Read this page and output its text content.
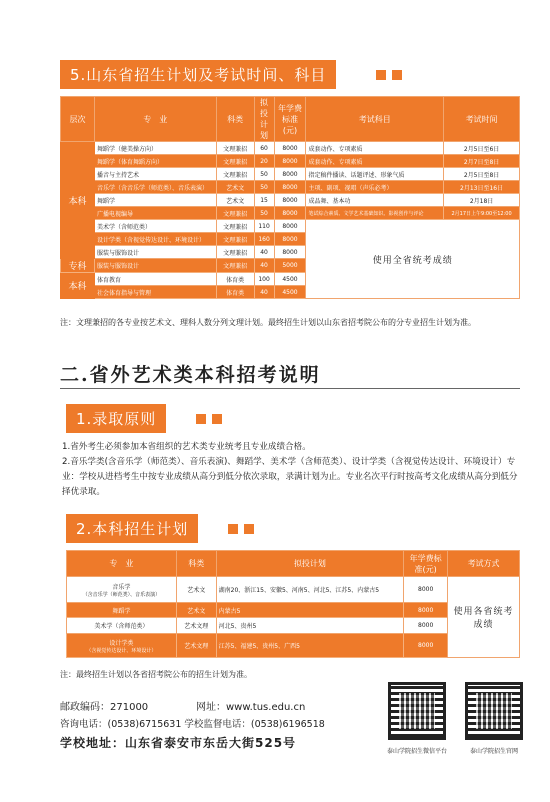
5.山东省招生计划及考试时间、科目
层次	专　业	科类	拟投计划	年学费标准(元)	考试科目	考试时间
本科	舞蹈学（健美操方向）	文理兼招	60	8000	成套动作、专项素质	2月5日至6日
	舞蹈学（体育舞蹈方向）	文理兼招	20	8000	成套动作、专项素质	2月7日至8日
	播音与主持艺术	文理兼招	50	8000	指定稿件播读、话题评述、形象气质	2月5日至8日
	音乐学（含音乐学（师范类）、音乐表演）	艺术文	50	8000	主项、副项、视唱（声乐必考）	2月13日至16日
	舞蹈学	艺术文	15	8000	成品舞、基本功	2月18日
	广播电视编导	文理兼招	50	8000	笔试综合素质、文学艺术基础知识、影视创作与评论	2月17日上午9:00至12:00
	美术学（含师范类）	文理兼招	110	8000	使用全省统考成绩	
	设计学类（含视觉传达设计、环境设计）	文理兼招	160	8000		
	服装与服饰设计	文理兼招	40	8000		
专科	服装与服饰设计	文理兼招	40	5000		
本科	体育教育	体育类	100	4500		
	社会体育指导与管理	体育类	40	4500		
注：文理兼招的各专业按艺术文、理科人数分列文理计划。最终招生计划以山东省招考院公布的分专业招生计划为准。
二.省外艺术类本科招考说明
1.录取原则
1.省外考生必须参加本省组织的艺术类专业统考且专业成绩合格。
2.音乐学类(含音乐学（师范类）、音乐表演)、舞蹈学、美术学（含师范类）、设计学类（含视觉传达设计、环境设计）专业：学校从进档考生中按专业成绩从高分到低分依次录取，录满计划为止。专业名次平行时按高考文化成绩从高分到低分择优录取。
2.本科招生计划
专　业	科类	拟投计划	年学费标准(元)	考试方式

音乐学
（含音乐学（师范类）、音乐表演）	艺术文	湖南20、浙江15、安徽5、河南5、河北5、江苏5、内蒙古5	8000	使用各省统考成绩
舞蹈学	艺术文	内蒙古5	8000	
美术学（含师范类）	艺术文理	河北5、贵州5	8000	

设计学类
（含视觉传达设计、环境设计）	艺术文理	江苏5、福建5、贵州5、广西5	8000	
注：最终招生计划以各省招考院公布的招生计划为准。
邮政编码：271000	网址：www.tus.edu.cn
咨询电话：(0538)6715631 学校监督电话：(0538)6196518
学校地址：山东省泰安市东岳大街525号
泰山学院招生微信平台	泰山学院招生官网
